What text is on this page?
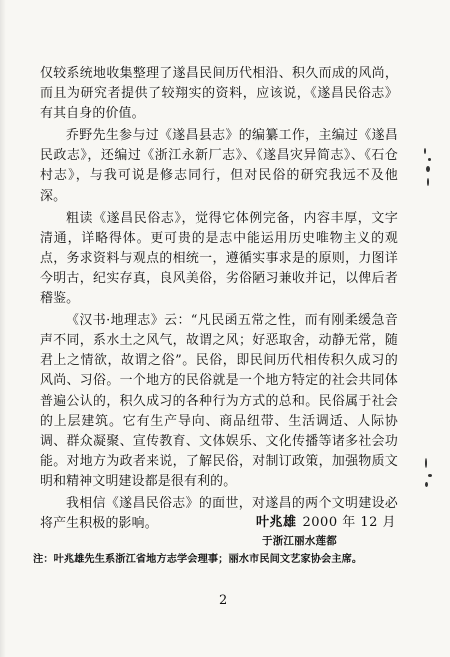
仅较系统地收集整理了遂昌民间历代相沿、积久而成的风尚，而且为研究者提供了较翔实的资料，应该说，《遂昌民俗志》有其自身的价值。

乔野先生参与过《遂昌县志》的编纂工作，主编过《遂昌民政志》，还编过《浙江永新厂志》、《遂昌灾异简志》、《石仓村志》，与我可说是修志同行，但对民俗的研究我远不及他深。

粗读《遂昌民俗志》，觉得它体例完备，内容丰厚，文字清通，详略得体。更可贵的是志中能运用历史唯物主义的观点，务求资料与观点的相统一，遵循实事求是的原则，力图详今明古，纪实存真，良风美俗，劣俗陋习兼收并记，以俾后者稽鉴。

《汉书·地理志》云：“凡民函五常之性，而有刚柔缓急音声不同，系水土之风气，故谓之风；好恶取舍，动静无常，随君上之情欲，故谓之俗”。民俗，即民间历代相传积久成习的风尚、习俗。一个地方的民俗就是一个地方特定的社会共同体普遍公认的，积久成习的各种行为方式的总和。民俗属于社会的上层建筑。它有生产导向、商品纽带、生活调适、人际协调、群众凝聚、宣传教育、文体娱乐、文化传播等诸多社会功能。对地方为政者来说，了解民俗，对制订政策，加强物质文明和精神文明建设都是很有利的。

我相信《遂昌民俗志》的面世，对遂昌的两个文明建设必将产生积极的影响。	叶兆雄 2000 年 12 月
于浙江丽水莲都
注：叶兆雄先生系浙江省地方志学会理事；丽水市民间文艺家协会主席。
2
